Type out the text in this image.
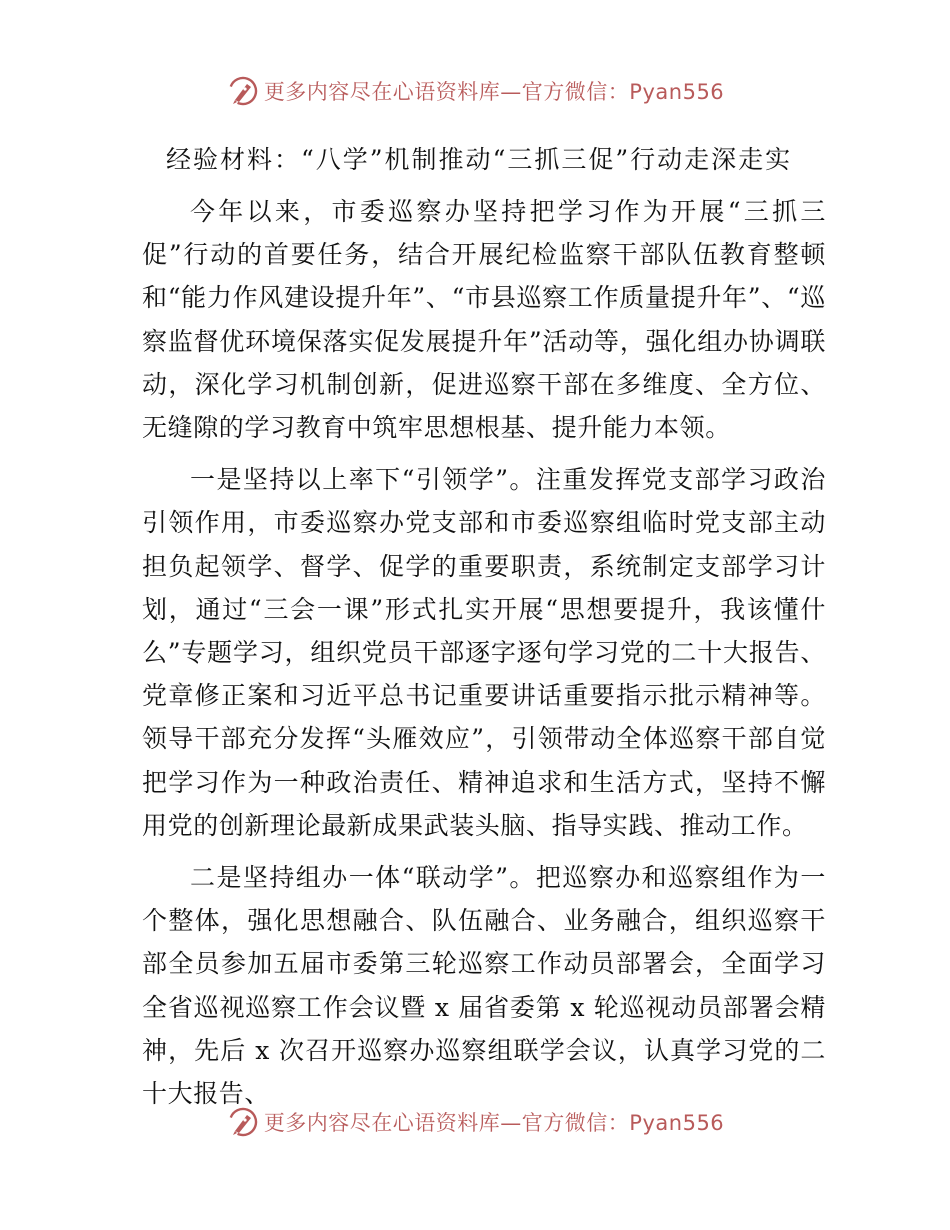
更多内容尽在心语资料库—官方微信：Pyan556
经验材料：“八学”机制推动“三抓三促”行动走深走实

今年以来，市委巡察办坚持把学习作为开展“三抓三促”行动的首要任务，结合开展纪检监察干部队伍教育整顿和“能力作风建设提升年”、“市县巡察工作质量提升年”、“巡察监督优环境保落实促发展提升年”活动等，强化组办协调联动，深化学习机制创新，促进巡察干部在多维度、全方位、无缝隙的学习教育中筑牢思想根基、提升能力本领。

一是坚持以上率下“引领学”。注重发挥党支部学习政治引领作用，市委巡察办党支部和市委巡察组临时党支部主动担负起领学、督学、促学的重要职责，系统制定支部学习计划，通过“三会一课”形式扎实开展“思想要提升，我该懂什么”专题学习，组织党员干部逐字逐句学习党的二十大报告、党章修正案和习近平总书记重要讲话重要指示批示精神等。领导干部充分发挥“头雁效应”，引领带动全体巡察干部自觉把学习作为一种政治责任、精神追求和生活方式，坚持不懈用党的创新理论最新成果武装头脑、指导实践、推动工作。

二是坚持组办一体“联动学”。把巡察办和巡察组作为一个整体，强化思想融合、队伍融合、业务融合，组织巡察干部全员参加五届市委第三轮巡察工作动员部署会，全面学习全省巡视巡察工作会议暨 x 届省委第 x 轮巡视动员部署会精神，先后 x 次召开巡察办巡察组联学会议，认真学习党的二十大报告、

更多内容尽在心语资料库—官方微信：Pyan556
